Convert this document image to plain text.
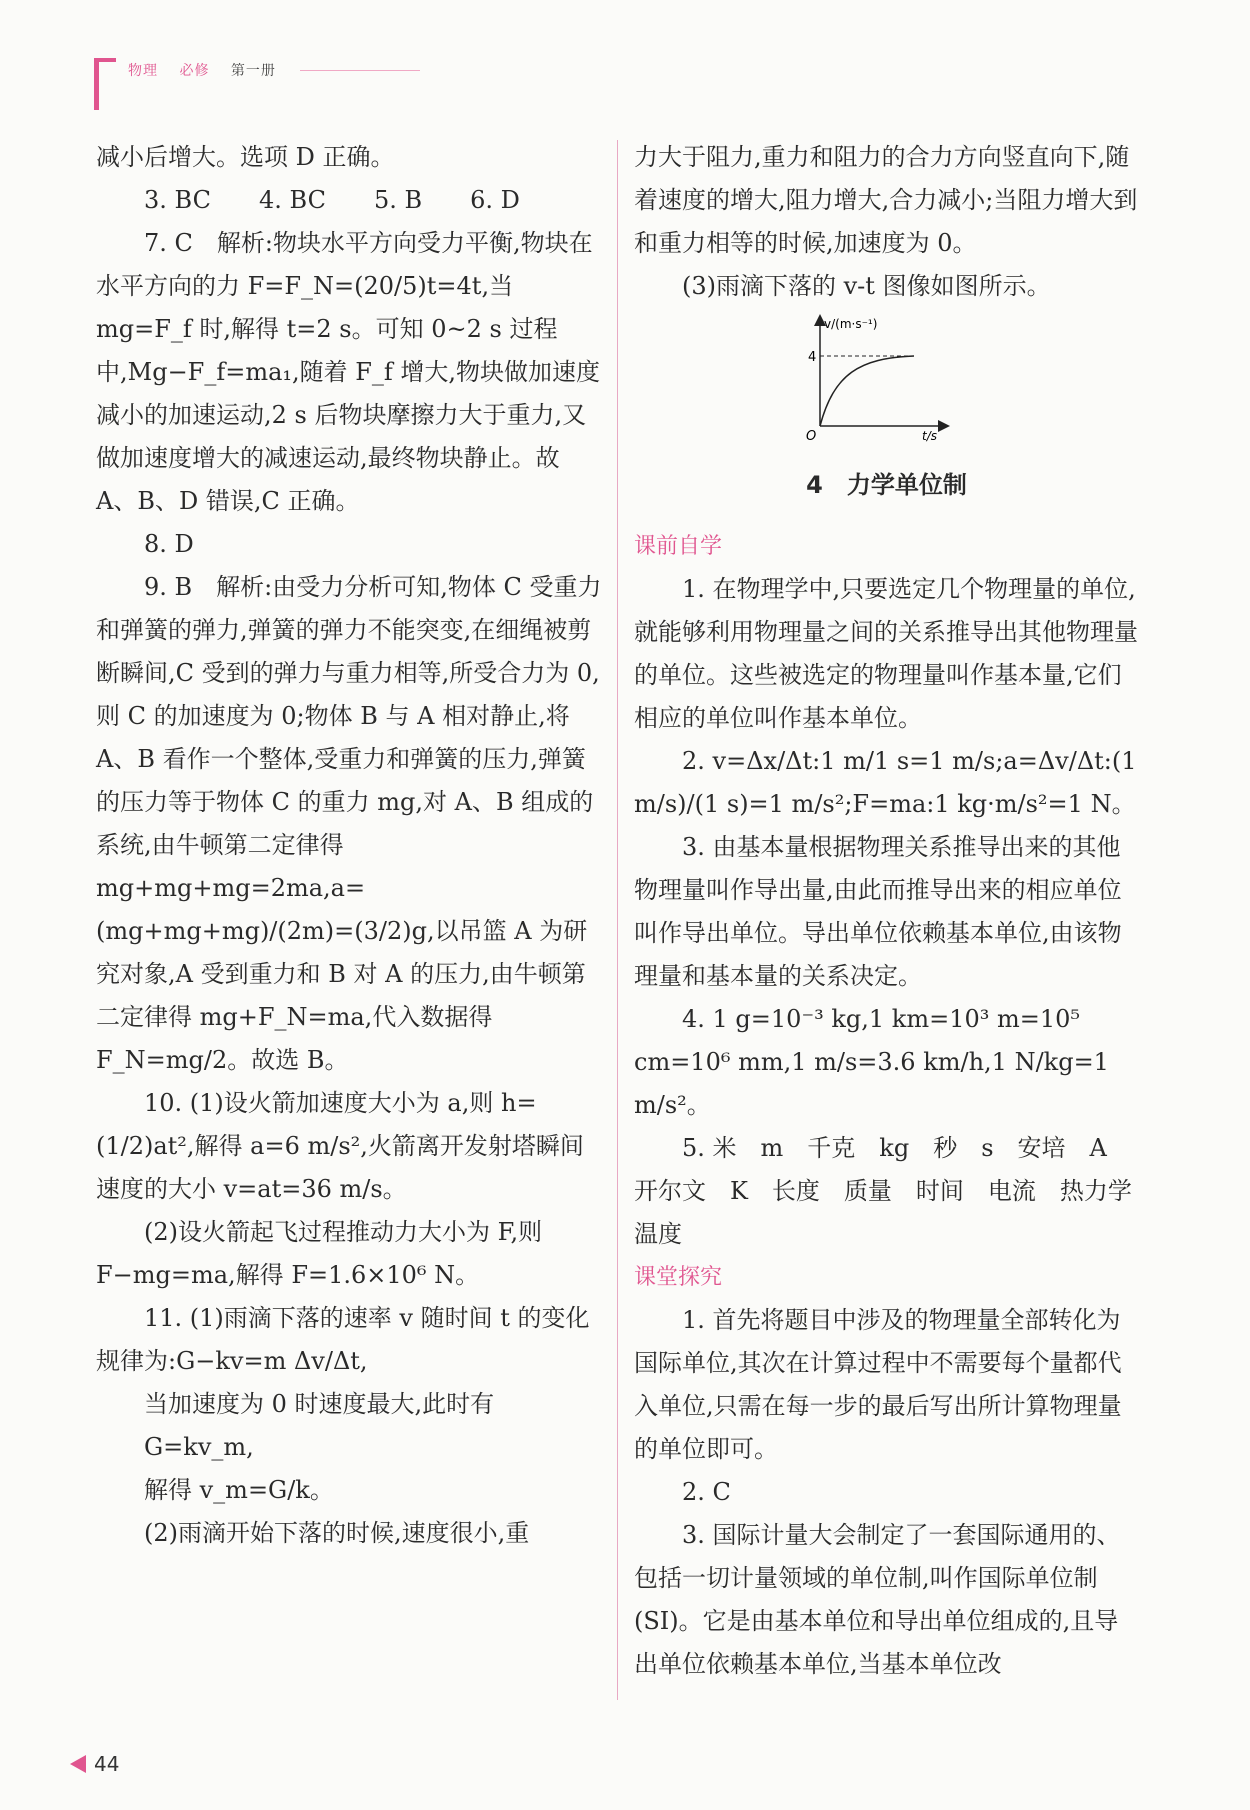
物理 必修 第一册

减小后增大。选项 D 正确。

3. BC　　4. BC　　5. B　　6. D

7. C　解析:物块水平方向受力平衡,物块在水平方向的力 F=F_N=(20/5)t=4t,当 mg=F_f 时,解得 t=2 s。可知 0~2 s 过程中,Mg−F_f=ma₁,随着 F_f 增大,物块做加速度减小的加速运动,2 s 后物块摩擦力大于重力,又做加速度增大的减速运动,最终物块静止。故 A、B、D 错误,C 正确。

8. D

9. B　解析:由受力分析可知,物体 C 受重力和弹簧的弹力,弹簧的弹力不能突变,在细绳被剪断瞬间,C 受到的弹力与重力相等,所受合力为 0,则 C 的加速度为 0;物体 B 与 A 相对静止,将 A、B 看作一个整体,受重力和弹簧的压力,弹簧的压力等于物体 C 的重力 mg,对 A、B 组成的系统,由牛顿第二定律得 mg+mg+mg=2ma,a=(mg+mg+mg)/(2m)=(3/2)g,以吊篮 A 为研究对象,A 受到重力和 B 对 A 的压力,由牛顿第二定律得 mg+F_N=ma,代入数据得 F_N=mg/2。故选 B。

10. (1)设火箭加速度大小为 a,则 h=(1/2)at²,解得 a=6 m/s²,火箭离开发射塔瞬间速度的大小 v=at=36 m/s。

(2)设火箭起飞过程推动力大小为 F,则 F−mg=ma,解得 F=1.6×10⁶ N。

11. (1)雨滴下落的速率 v 随时间 t 的变化规律为:G−kv=m Δv/Δt,

当加速度为 0 时速度最大,此时有

G=kv_m,

解得 v_m=G/k。

(2)雨滴开始下落的时候,速度很小,重

力大于阻力,重力和阻力的合力方向竖直向下,随着速度的增大,阻力增大,合力减小;当阻力增大到和重力相等的时候,加速度为 0。

(3)雨滴下落的 v-t 图像如图所示。

v/(m·s⁻¹)
t/s
O
4

4　力学单位制

课前自学

1. 在物理学中,只要选定几个物理量的单位,就能够利用物理量之间的关系推导出其他物理量的单位。这些被选定的物理量叫作基本量,它们相应的单位叫作基本单位。

2. v=Δx/Δt:1 m/1 s=1 m/s;a=Δv/Δt:(1 m/s)/(1 s)=1 m/s²;F=ma:1 kg·m/s²=1 N。

3. 由基本量根据物理关系推导出来的其他物理量叫作导出量,由此而推导出来的相应单位叫作导出单位。导出单位依赖基本单位,由该物理量和基本量的关系决定。

4. 1 g=10⁻³ kg,1 km=10³ m=10⁵ cm=10⁶ mm,1 m/s=3.6 km/h,1 N/kg=1 m/s²。

5. 米　m　千克　kg　秒　s　安培　A　开尔文　K　长度　质量　时间　电流　热力学温度

课堂探究

1. 首先将题目中涉及的物理量全部转化为国际单位,其次在计算过程中不需要每个量都代入单位,只需在每一步的最后写出所计算物理量的单位即可。

2. C

3. 国际计量大会制定了一套国际通用的、包括一切计量领域的单位制,叫作国际单位制(SI)。它是由基本单位和导出单位组成的,且导出单位依赖基本单位,当基本单位改

44
